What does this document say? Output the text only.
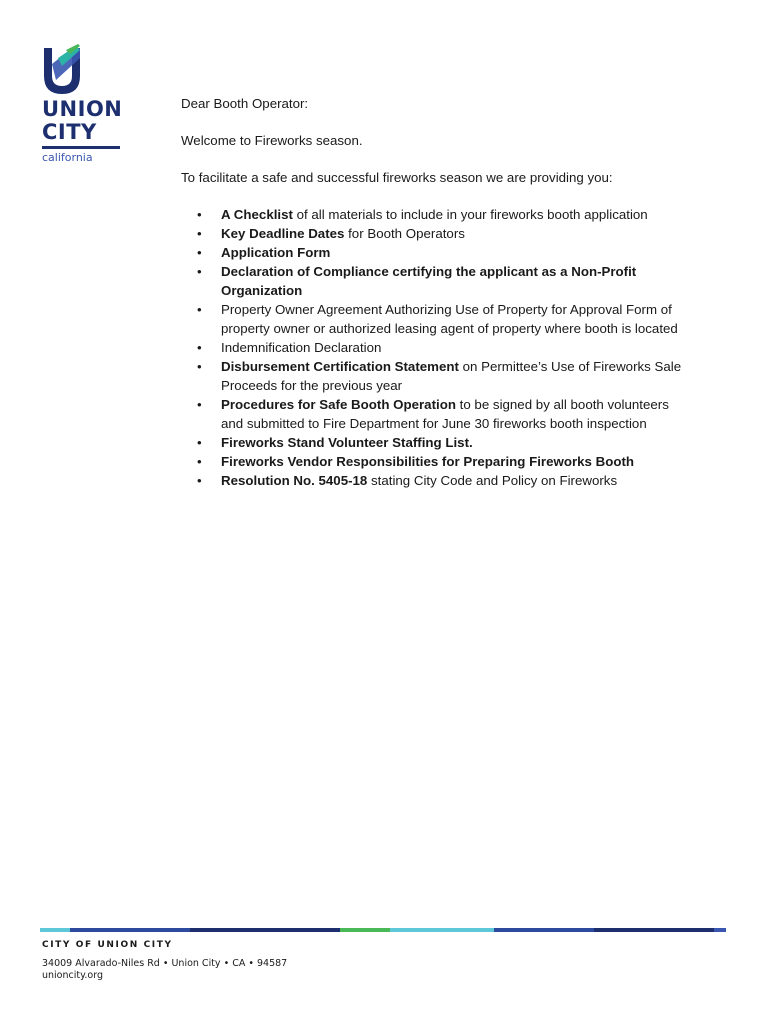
UNION
CITY
california

Dear Booth Operator:

Welcome to Fireworks season.

To facilitate a safe and successful fireworks season we are providing you:

• A Checklist of all materials to include in your fireworks booth application
• Key Deadline Dates for Booth Operators
• Application Form
• Declaration of Compliance certifying the applicant as a Non-Profit Organization
• Property Owner Agreement Authorizing Use of Property for Approval Form of property owner or authorized leasing agent of property where booth is located
• Indemnification Declaration
• Disbursement Certification Statement on Permittee’s Use of Fireworks Sale Proceeds for the previous year
• Procedures for Safe Booth Operation to be signed by all booth volunteers and submitted to Fire Department for June 30 fireworks booth inspection
• Fireworks Stand Volunteer Staffing List.
• Fireworks Vendor Responsibilities for Preparing Fireworks Booth
• Resolution No. 5405-18 stating City Code and Policy on Fireworks
CITY OF UNION CITY
34009 Alvarado-Niles Rd • Union City • CA • 94587
unioncity.org
